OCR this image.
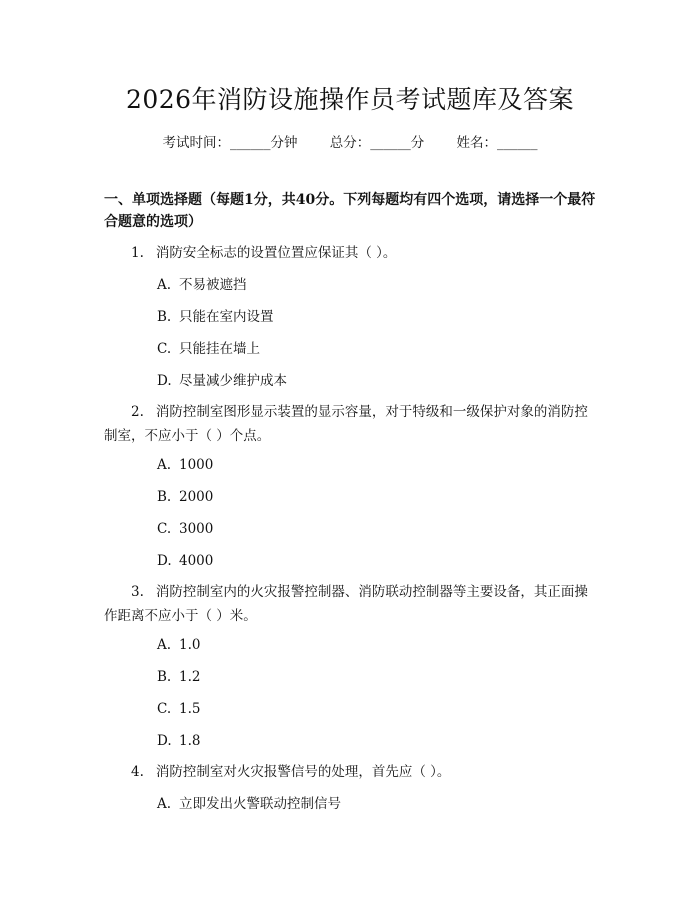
2026年消防设施操作员考试题库及答案
考试时间：______分钟 总分：______分 姓名：______

一、单项选择题（每题1分，共40分。下列每题均有四个选项，请选择一个最符合题意的选项）

1. 消防安全标志的设置位置应保证其（ ）。

A. 不易被遮挡
B. 只能在室内设置
C. 只能挂在墙上
D. 尽量减少维护成本

2. 消防控制室图形显示装置的显示容量，对于特级和一级保护对象的消防控制室，不应小于（ ）个点。

A. 1000
B. 2000
C. 3000
D. 4000

3. 消防控制室内的火灾报警控制器、消防联动控制器等主要设备，其正面操作距离不应小于（ ）米。

A. 1.0
B. 1.2
C. 1.5
D. 1.8

4. 消防控制室对火灾报警信号的处理，首先应（ ）。

A. 立即发出火警联动控制信号
